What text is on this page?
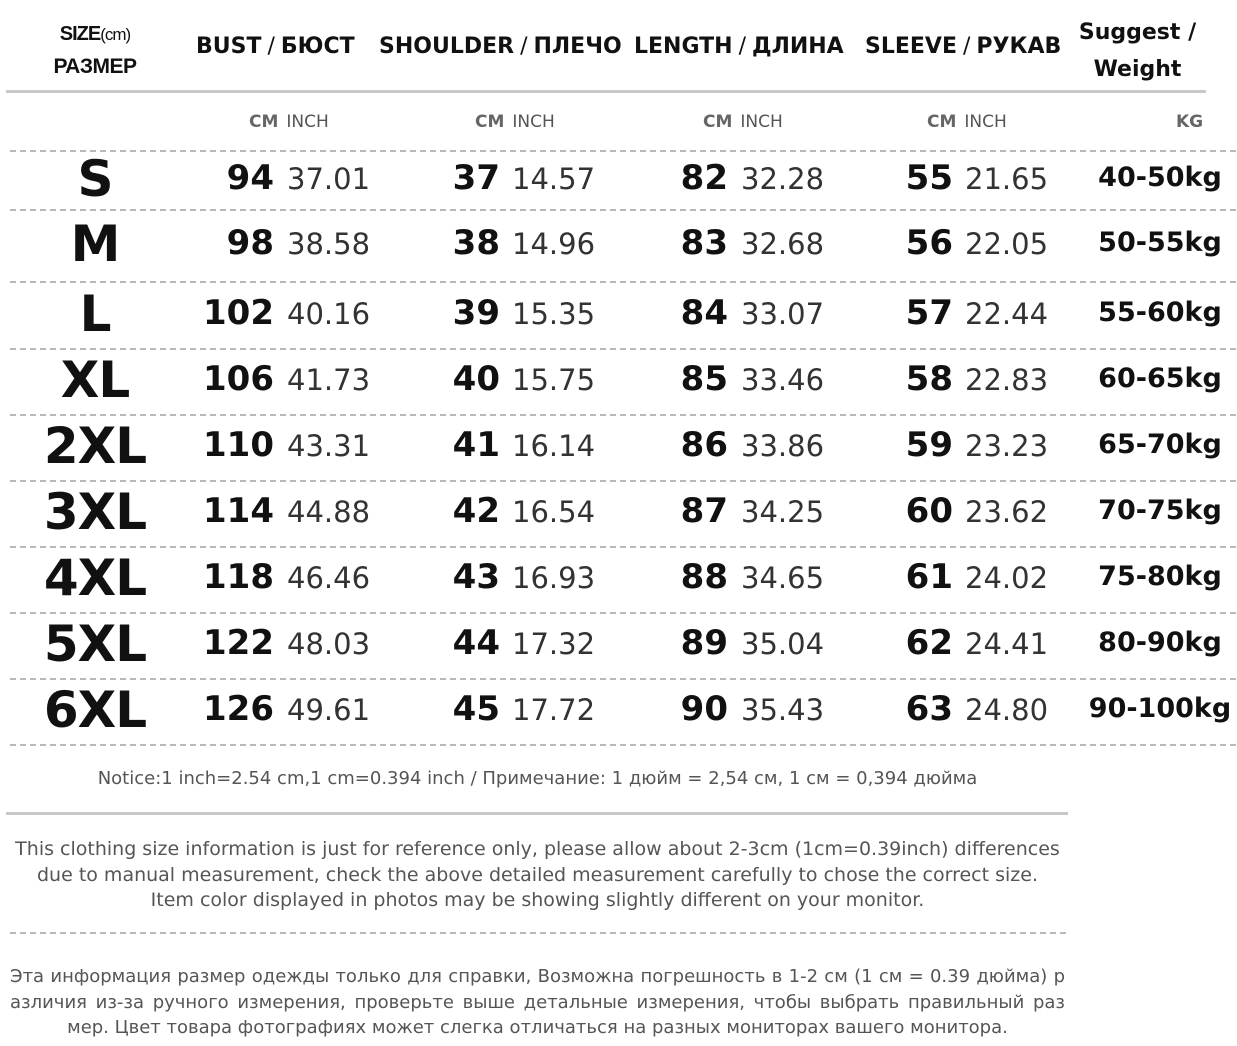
SIZE(cm)
РАЗМЕР
BUST / БЮСТ SHOULDER / ПЛЕЧО LENGTH / ДЛИНА SLEEVE / РУКАВ
Suggest /
Weight
CM INCH	CM INCH	CM INCH	CM INCH	KG
S	94 37.01	37 14.57	82 32.28	55 21.65	40-50kg
M	98 38.58	38 14.96	83 32.68	56 22.05	50-55kg
L	102 40.16	39 15.35	84 33.07	57 22.44	55-60kg
XL	106 41.73	40 15.75	85 33.46	58 22.83	60-65kg
2XL	110 43.31	41 16.14	86 33.86	59 23.23	65-70kg
3XL	114 44.88	42 16.54	87 34.25	60 23.62	70-75kg
4XL	118 46.46	43 16.93	88 34.65	61 24.02	75-80kg
5XL	122 48.03	44 17.32	89 35.04	62 24.41	80-90kg
6XL	126 49.61	45 17.72	90 35.43	63 24.80 90-100kg
Notice:1 inch=2.54 cm,1 cm=0.394 inch / Примечание: 1 дюйм = 2,54 см, 1 см = 0,394 дюйма
This clothing size information is just for reference only, please allow about 2-3cm (1cm=0.39inch) differences
due to manual measurement, check the above detailed measurement carefully to chose the correct size.
Item color displayed in photos may be showing slightly different on your monitor.
Эта информация размер одежды только для справки, Возможна погрешность в 1-2 см (1 см = 0.39 дюйма) р
азличия из-за ручного измерения, проверьте выше детальные измерения, чтобы выбрать правильный раз
мер. Цвет товара фотографиях может слегка отличаться на разных мониторах вашего монитора.
